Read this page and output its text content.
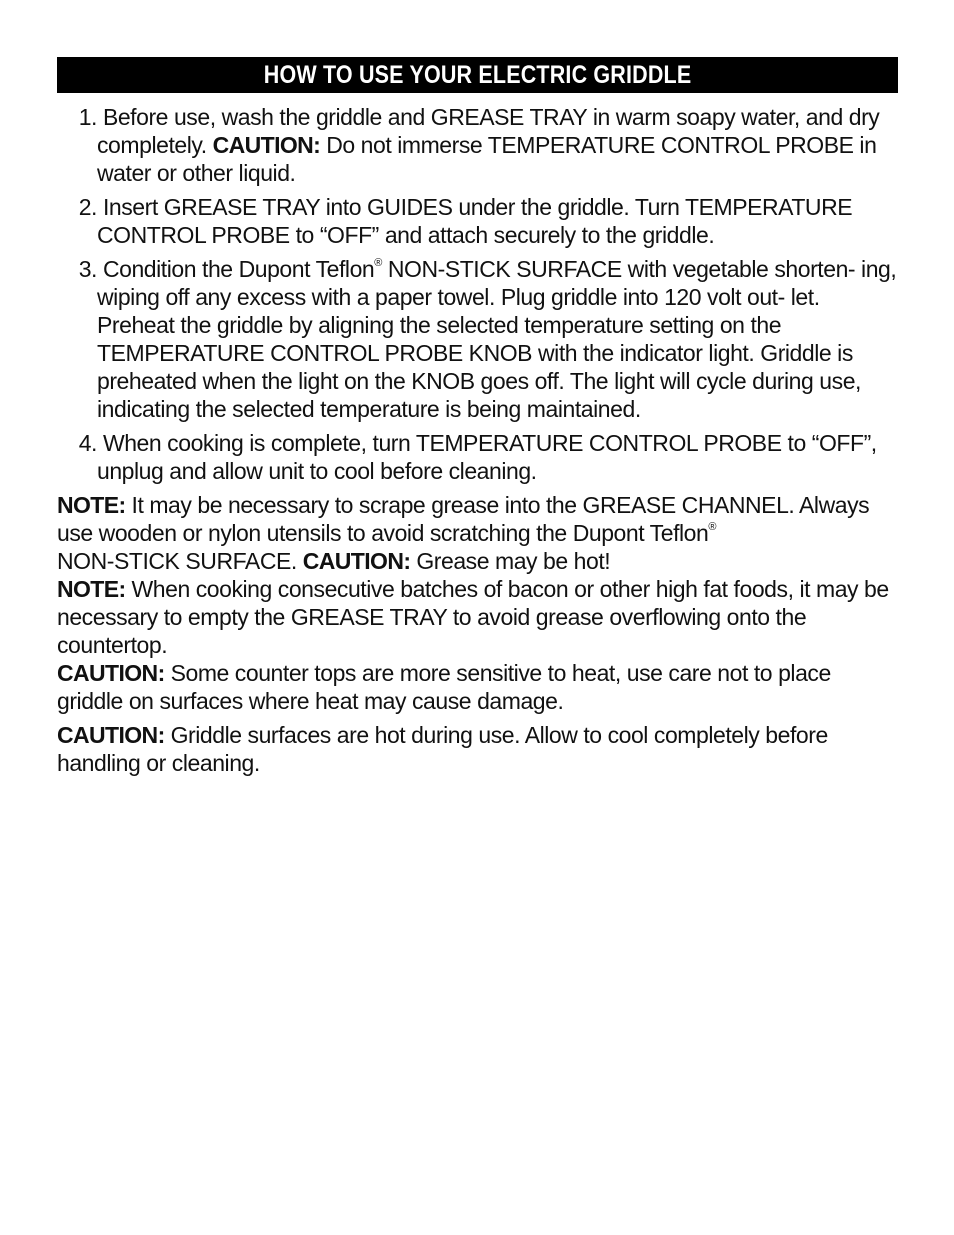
HOW TO USE YOUR ELECTRIC GRIDDLE
1. Before use, wash the griddle and GREASE TRAY in warm soapy water, and dry completely. CAUTION: Do not immerse TEMPERATURE CONTROL PROBE in water or other liquid.
2. Insert GREASE TRAY into GUIDES under the griddle. Turn TEMPERATURE CONTROL PROBE to “OFF” and attach securely to the griddle.
3. Condition the Dupont Teflon® NON-STICK SURFACE with vegetable shorten- ing, wiping off any excess with a paper towel. Plug griddle into 120 volt out- let. Preheat the griddle by aligning the selected temperature setting on the TEMPERATURE CONTROL PROBE KNOB with the indicator light. Griddle is preheated when the light on the KNOB goes off. The light will cycle during use, indicating the selected temperature is being maintained.
4. When cooking is complete, turn TEMPERATURE CONTROL PROBE to “OFF”, unplug and allow unit to cool before cleaning.

NOTE: It may be necessary to scrape grease into the GREASE CHANNEL. Always use wooden or nylon utensils to avoid scratching the Dupont Teflon®
NON-STICK SURFACE. CAUTION: Grease may be hot!

NOTE: When cooking consecutive batches of bacon or other high fat foods, it may be necessary to empty the GREASE TRAY to avoid grease overflowing onto the countertop.

CAUTION: Some counter tops are more sensitive to heat, use care not to place griddle on surfaces where heat may cause damage.

CAUTION: Griddle surfaces are hot during use. Allow to cool completely before handling or cleaning.
